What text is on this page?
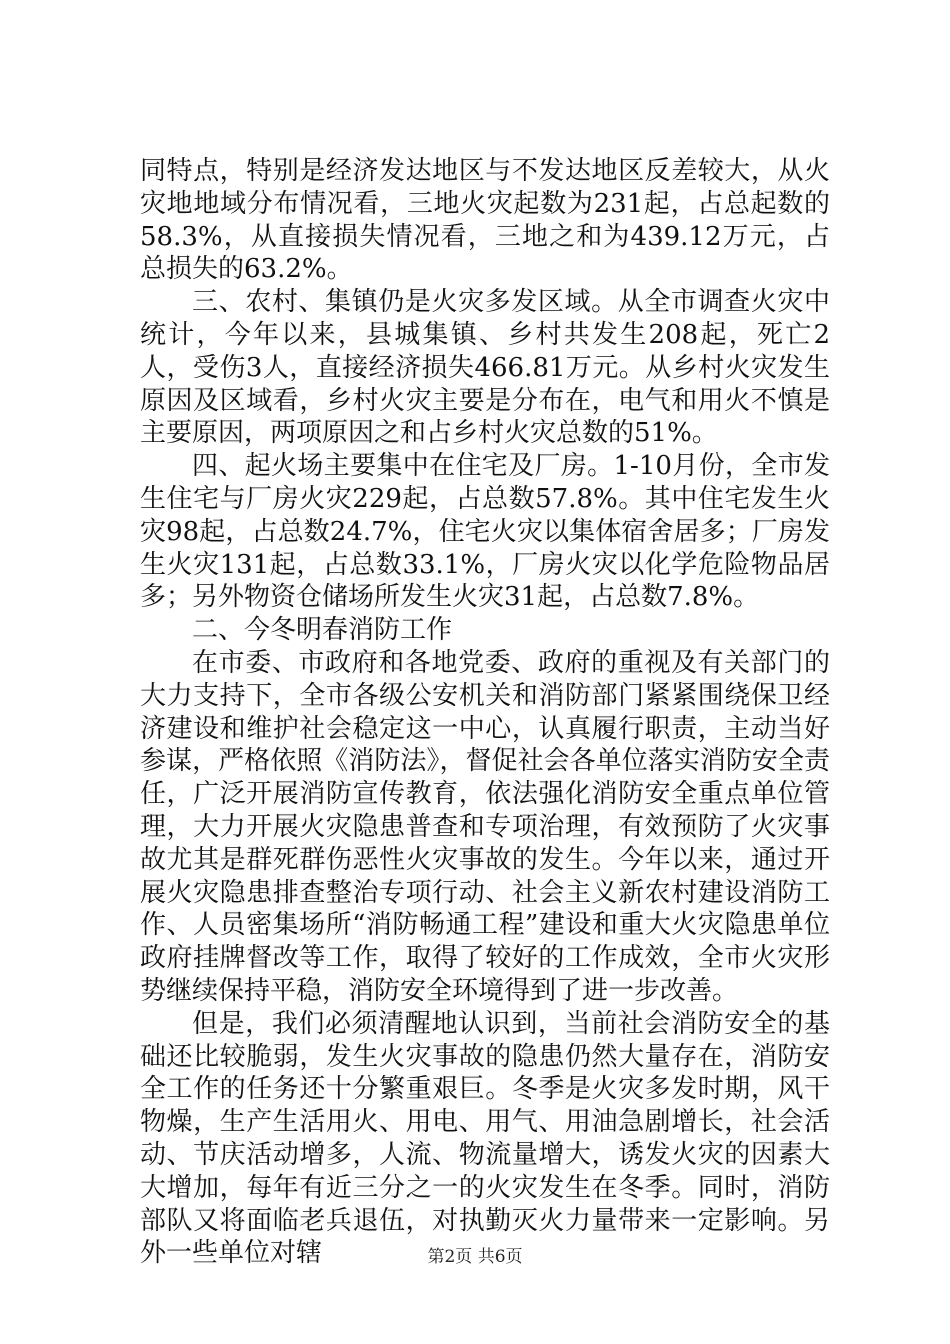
同特点，特别是经济发达地区与不发达地区反差较大，从火灾地地域分布情况看，三地火灾起数为231起，占总起数的58.3%，从直接损失情况看，三地之和为439.12万元，占总损失的63.2%。

三、农村、集镇仍是火灾多发区域。从全市调查火灾中统计，今年以来，县城集镇、乡村共发生208起，死亡2人，受伤3人，直接经济损失466.81万元。从乡村火灾发生原因及区域看，乡村火灾主要是分布在，电气和用火不慎是主要原因，两项原因之和占乡村火灾总数的51%。

四、起火场主要集中在住宅及厂房。1-10月份，全市发生住宅与厂房火灾229起，占总数57.8%。其中住宅发生火灾98起，占总数24.7%，住宅火灾以集体宿舍居多；厂房发生火灾131起，占总数33.1%，厂房火灾以化学危险物品居多；另外物资仓储场所发生火灾31起，占总数7.8%。

二、今冬明春消防工作

在市委、市政府和各地党委、政府的重视及有关部门的大力支持下，全市各级公安机关和消防部门紧紧围绕保卫经济建设和维护社会稳定这一中心，认真履行职责，主动当好参谋，严格依照《消防法》，督促社会各单位落实消防安全责任，广泛开展消防宣传教育，依法强化消防安全重点单位管理，大力开展火灾隐患普查和专项治理，有效预防了火灾事故尤其是群死群伤恶性火灾事故的发生。今年以来，通过开展火灾隐患排查整治专项行动、社会主义新农村建设消防工作、人员密集场所“消防畅通工程”建设和重大火灾隐患单位政府挂牌督改等工作，取得了较好的工作成效，全市火灾形势继续保持平稳，消防安全环境得到了进一步改善。

但是，我们必须清醒地认识到，当前社会消防安全的基础还比较脆弱，发生火灾事故的隐患仍然大量存在，消防安全工作的任务还十分繁重艰巨。冬季是火灾多发时期，风干物燥，生产生活用火、用电、用气、用油急剧增长，社会活动、节庆活动增多，人流、物流量增大，诱发火灾的因素大大增加，每年有近三分之一的火灾发生在冬季。同时，消防部队又将面临老兵退伍，对执勤灭火力量带来一定影响。另外一些单位对辖	第2页 共6页
